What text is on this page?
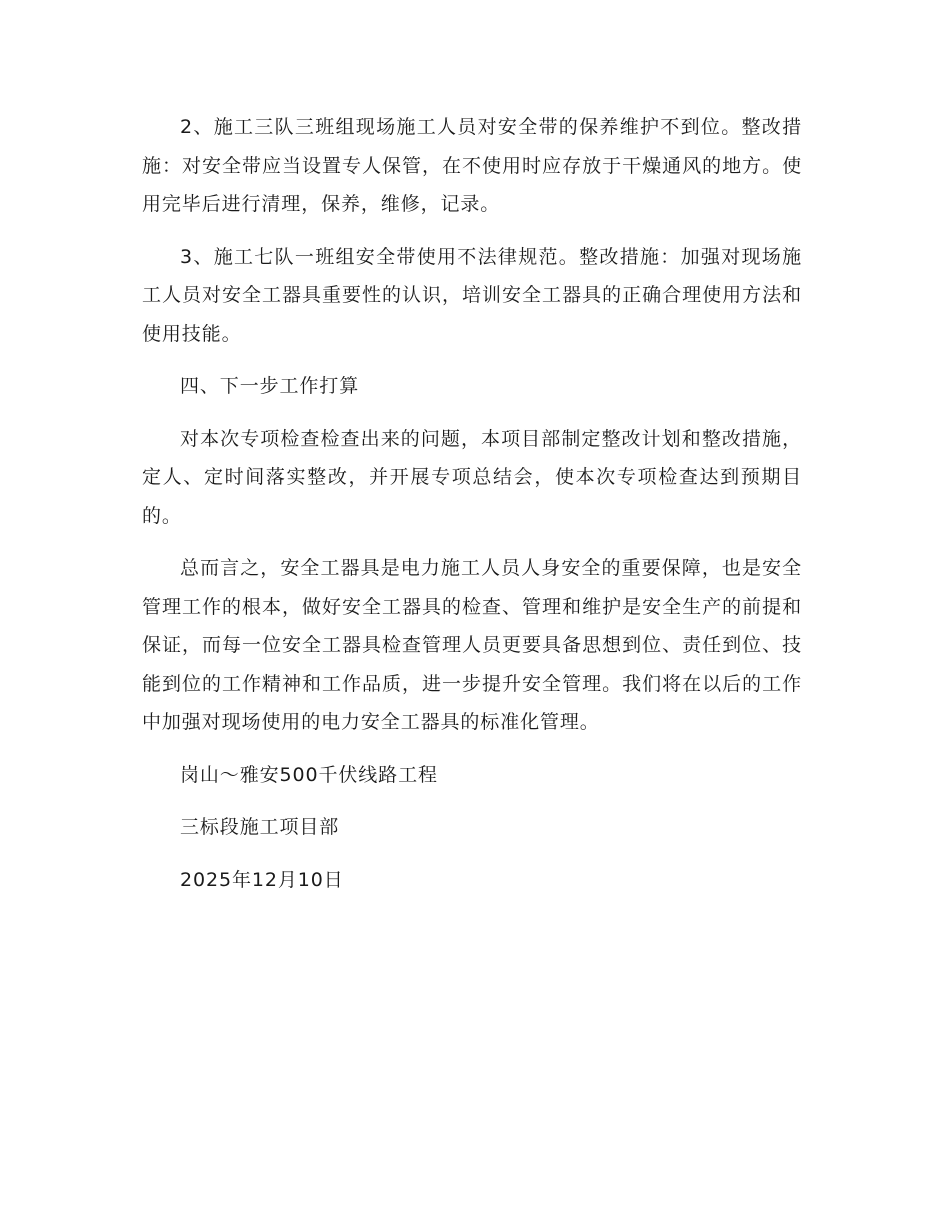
2、施工三队三班组现场施工人员对安全带的保养维护不到位。整改措施：对安全带应当设置专人保管，在不使用时应存放于干燥通风的地方。使用完毕后进行清理，保养，维修，记录。

3、施工七队一班组安全带使用不法律规范。整改措施：加强对现场施工人员对安全工器具重要性的认识，培训安全工器具的正确合理使用方法和使用技能。

四、下一步工作打算

对本次专项检查检查出来的问题，本项目部制定整改计划和整改措施，定人、定时间落实整改，并开展专项总结会，使本次专项检查达到预期目的。

总而言之，安全工器具是电力施工人员人身安全的重要保障，也是安全管理工作的根本，做好安全工器具的检查、管理和维护是安全生产的前提和保证，而每一位安全工器具检查管理人员更要具备思想到位、责任到位、技能到位的工作精神和工作品质，进一步提升安全管理。我们将在以后的工作中加强对现场使用的电力安全工器具的标准化管理。

岗山～雅安500千伏线路工程

三标段施工项目部

2025年12月10日
